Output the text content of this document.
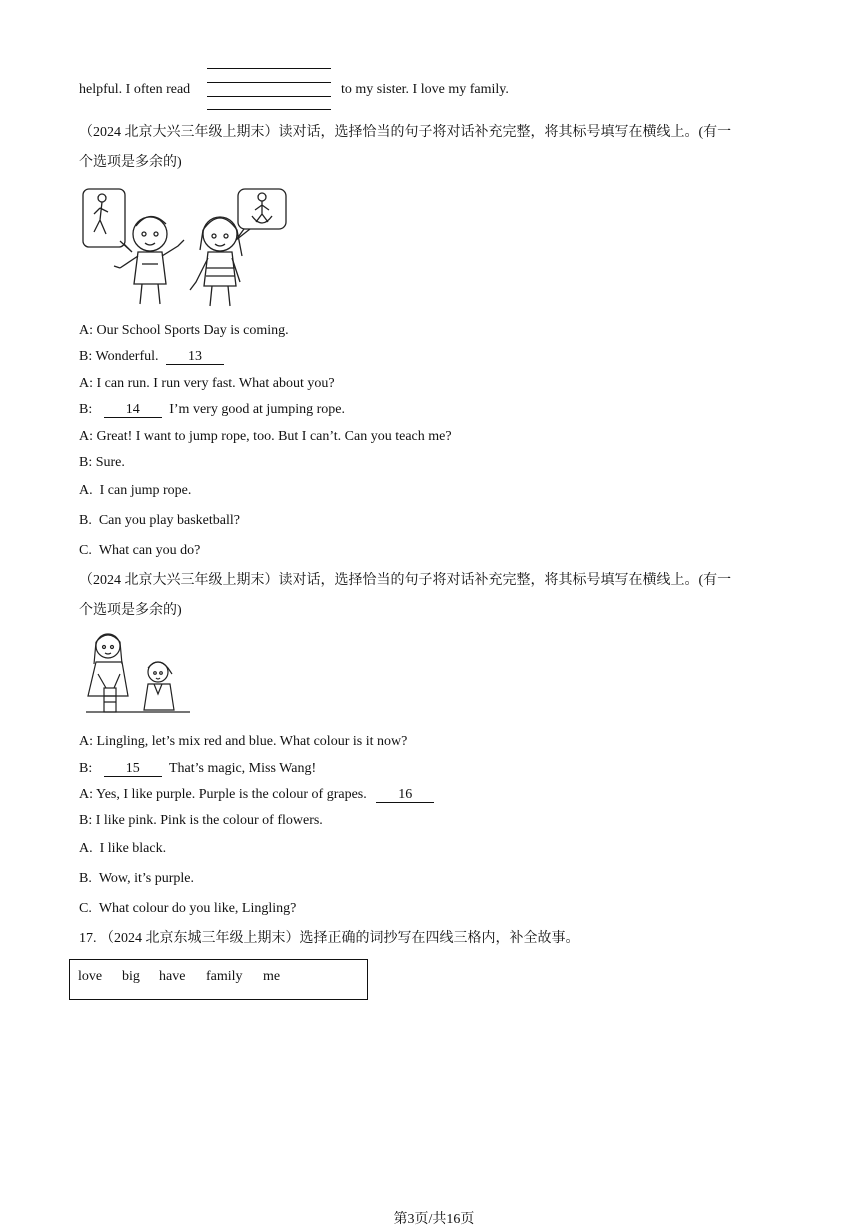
helpful. I often read	to my sister. I love my family.
（2024 北京大兴三年级上期末）读对话，选择恰当的句子将对话补充完整，将其标号填写在横线上。(有一
个选项是多余的)
A: Our School Sports Day is coming.
B: Wonderful. 13
A: I can run. I run very fast. What about you?
B: 14 I’m very good at jumping rope.
A: Great! I want to jump rope, too. But I can’t. Can you teach me?
B: Sure.
A. I can jump rope.
B. Can you play basketball?
C. What can you do?
（2024 北京大兴三年级上期末）读对话，选择恰当的句子将对话补充完整，将其标号填写在横线上。(有一
个选项是多余的)
A: Lingling, let’s mix red and blue. What colour is it now?
B: 15 That’s magic, Miss Wang!
A: Yes, I like purple. Purple is the colour of grapes. 16
B: I like pink. Pink is the colour of flowers.
A. I like black.
B. Wow, it’s purple.
C. What colour do you like, Lingling?
17. （2024 北京东城三年级上期末）选择正确的词抄写在四线三格内，补全故事。
love big have family me
第3页/共16页
